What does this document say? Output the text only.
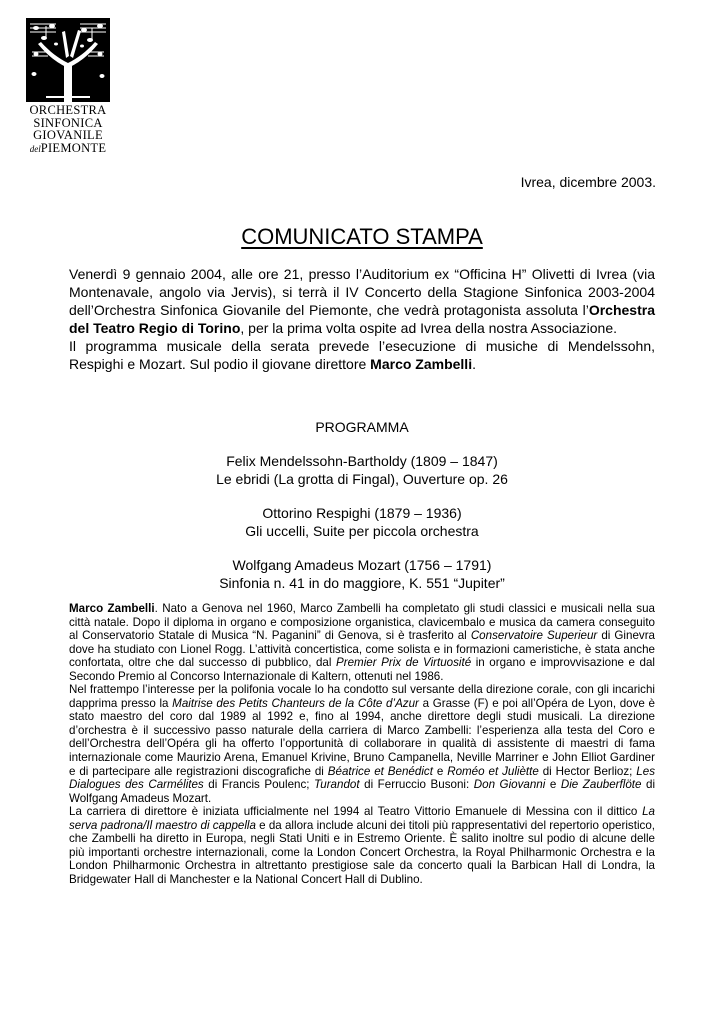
ORCHESTRA
SINFONICA
GIOVANILE
delPIEMONTE
Ivrea, dicembre 2003.
COMUNICATO STAMPA

Venerdì 9 gennaio 2004, alle ore 21, presso l’Auditorium ex “Officina H” Olivetti di Ivrea (via Montenavale, angolo via Jervis), si terrà il IV Concerto della Stagione Sinfonica 2003-2004 dell’Orchestra Sinfonica Giovanile del Piemonte, che vedrà protagonista assoluta l’Orchestra del Teatro Regio di Torino, per la prima volta ospite ad Ivrea della nostra Associazione.

Il programma musicale della serata prevede l’esecuzione di musiche di Mendelssohn, Respighi e Mozart. Sul podio il giovane direttore Marco Zambelli.

PROGRAMMA
Felix Mendelssohn-Bartholdy (1809 – 1847)
Le ebridi (La grotta di Fingal), Ouverture op. 26
Ottorino Respighi (1879 – 1936)
Gli uccelli, Suite per piccola orchestra
Wolfgang Amadeus Mozart (1756 – 1791)
Sinfonia n. 41 in do maggiore, K. 551 “Jupiter”

Marco Zambelli. Nato a Genova nel 1960, Marco Zambelli ha completato gli studi classici e musicali nella sua città natale. Dopo il diploma in organo e composizione organistica, clavicembalo e musica da camera conseguito al Conservatorio Statale di Musica “N. Paganini” di Genova, si è trasferito al Conservatoire Superieur di Ginevra dove ha studiato con Lionel Rogg. L’attività concertistica, come solista e in formazioni cameristiche, è stata anche confortata, oltre che dal successo di pubblico, dal Premier Prix de Virtuosité in organo e improvvisazione e dal Secondo Premio al Concorso Internazionale di Kaltern, ottenuti nel 1986.

Nel frattempo l’interesse per la polifonia vocale lo ha condotto sul versante della direzione corale, con gli incarichi dapprima presso la Maitrise des Petits Chanteurs de la Côte d’Azur a Grasse (F) e poi all’Opéra de Lyon, dove è stato maestro del coro dal 1989 al 1992 e, fino al 1994, anche direttore degli studi musicali. La direzione d’orchestra è il successivo passo naturale della carriera di Marco Zambelli: l’esperienza alla testa del Coro e dell’Orchestra dell’Opéra gli ha offerto l’opportunità di collaborare in qualità di assistente di maestri di fama internazionale come Maurizio Arena, Emanuel Krivine, Bruno Campanella, Neville Marriner e John Elliot Gardiner e di partecipare alle registrazioni discografiche di Béatrice et Benédict e Roméo et Juliètte di Hector Berlioz; Les Dialogues des Carmélites di Francis Poulenc; Turandot di Ferruccio Busoni: Don Giovanni e Die Zauberflöte di Wolfgang Amadeus Mozart.

La carriera di direttore è iniziata ufficialmente nel 1994 al Teatro Vittorio Emanuele di Messina con il dittico La serva padrona/Il maestro di cappella e da allora include alcuni dei titoli più rappresentativi del repertorio operistico, che Zambelli ha diretto in Europa, negli Stati Uniti e in Estremo Oriente. È salito inoltre sul podio di alcune delle più importanti orchestre internazionali, come la London Concert Orchestra, la Royal Philharmonic Orchestra e la London Philharmonic Orchestra in altrettanto prestigiose sale da concerto quali la Barbican Hall di Londra, la Bridgewater Hall di Manchester e la National Concert Hall di Dublino.
